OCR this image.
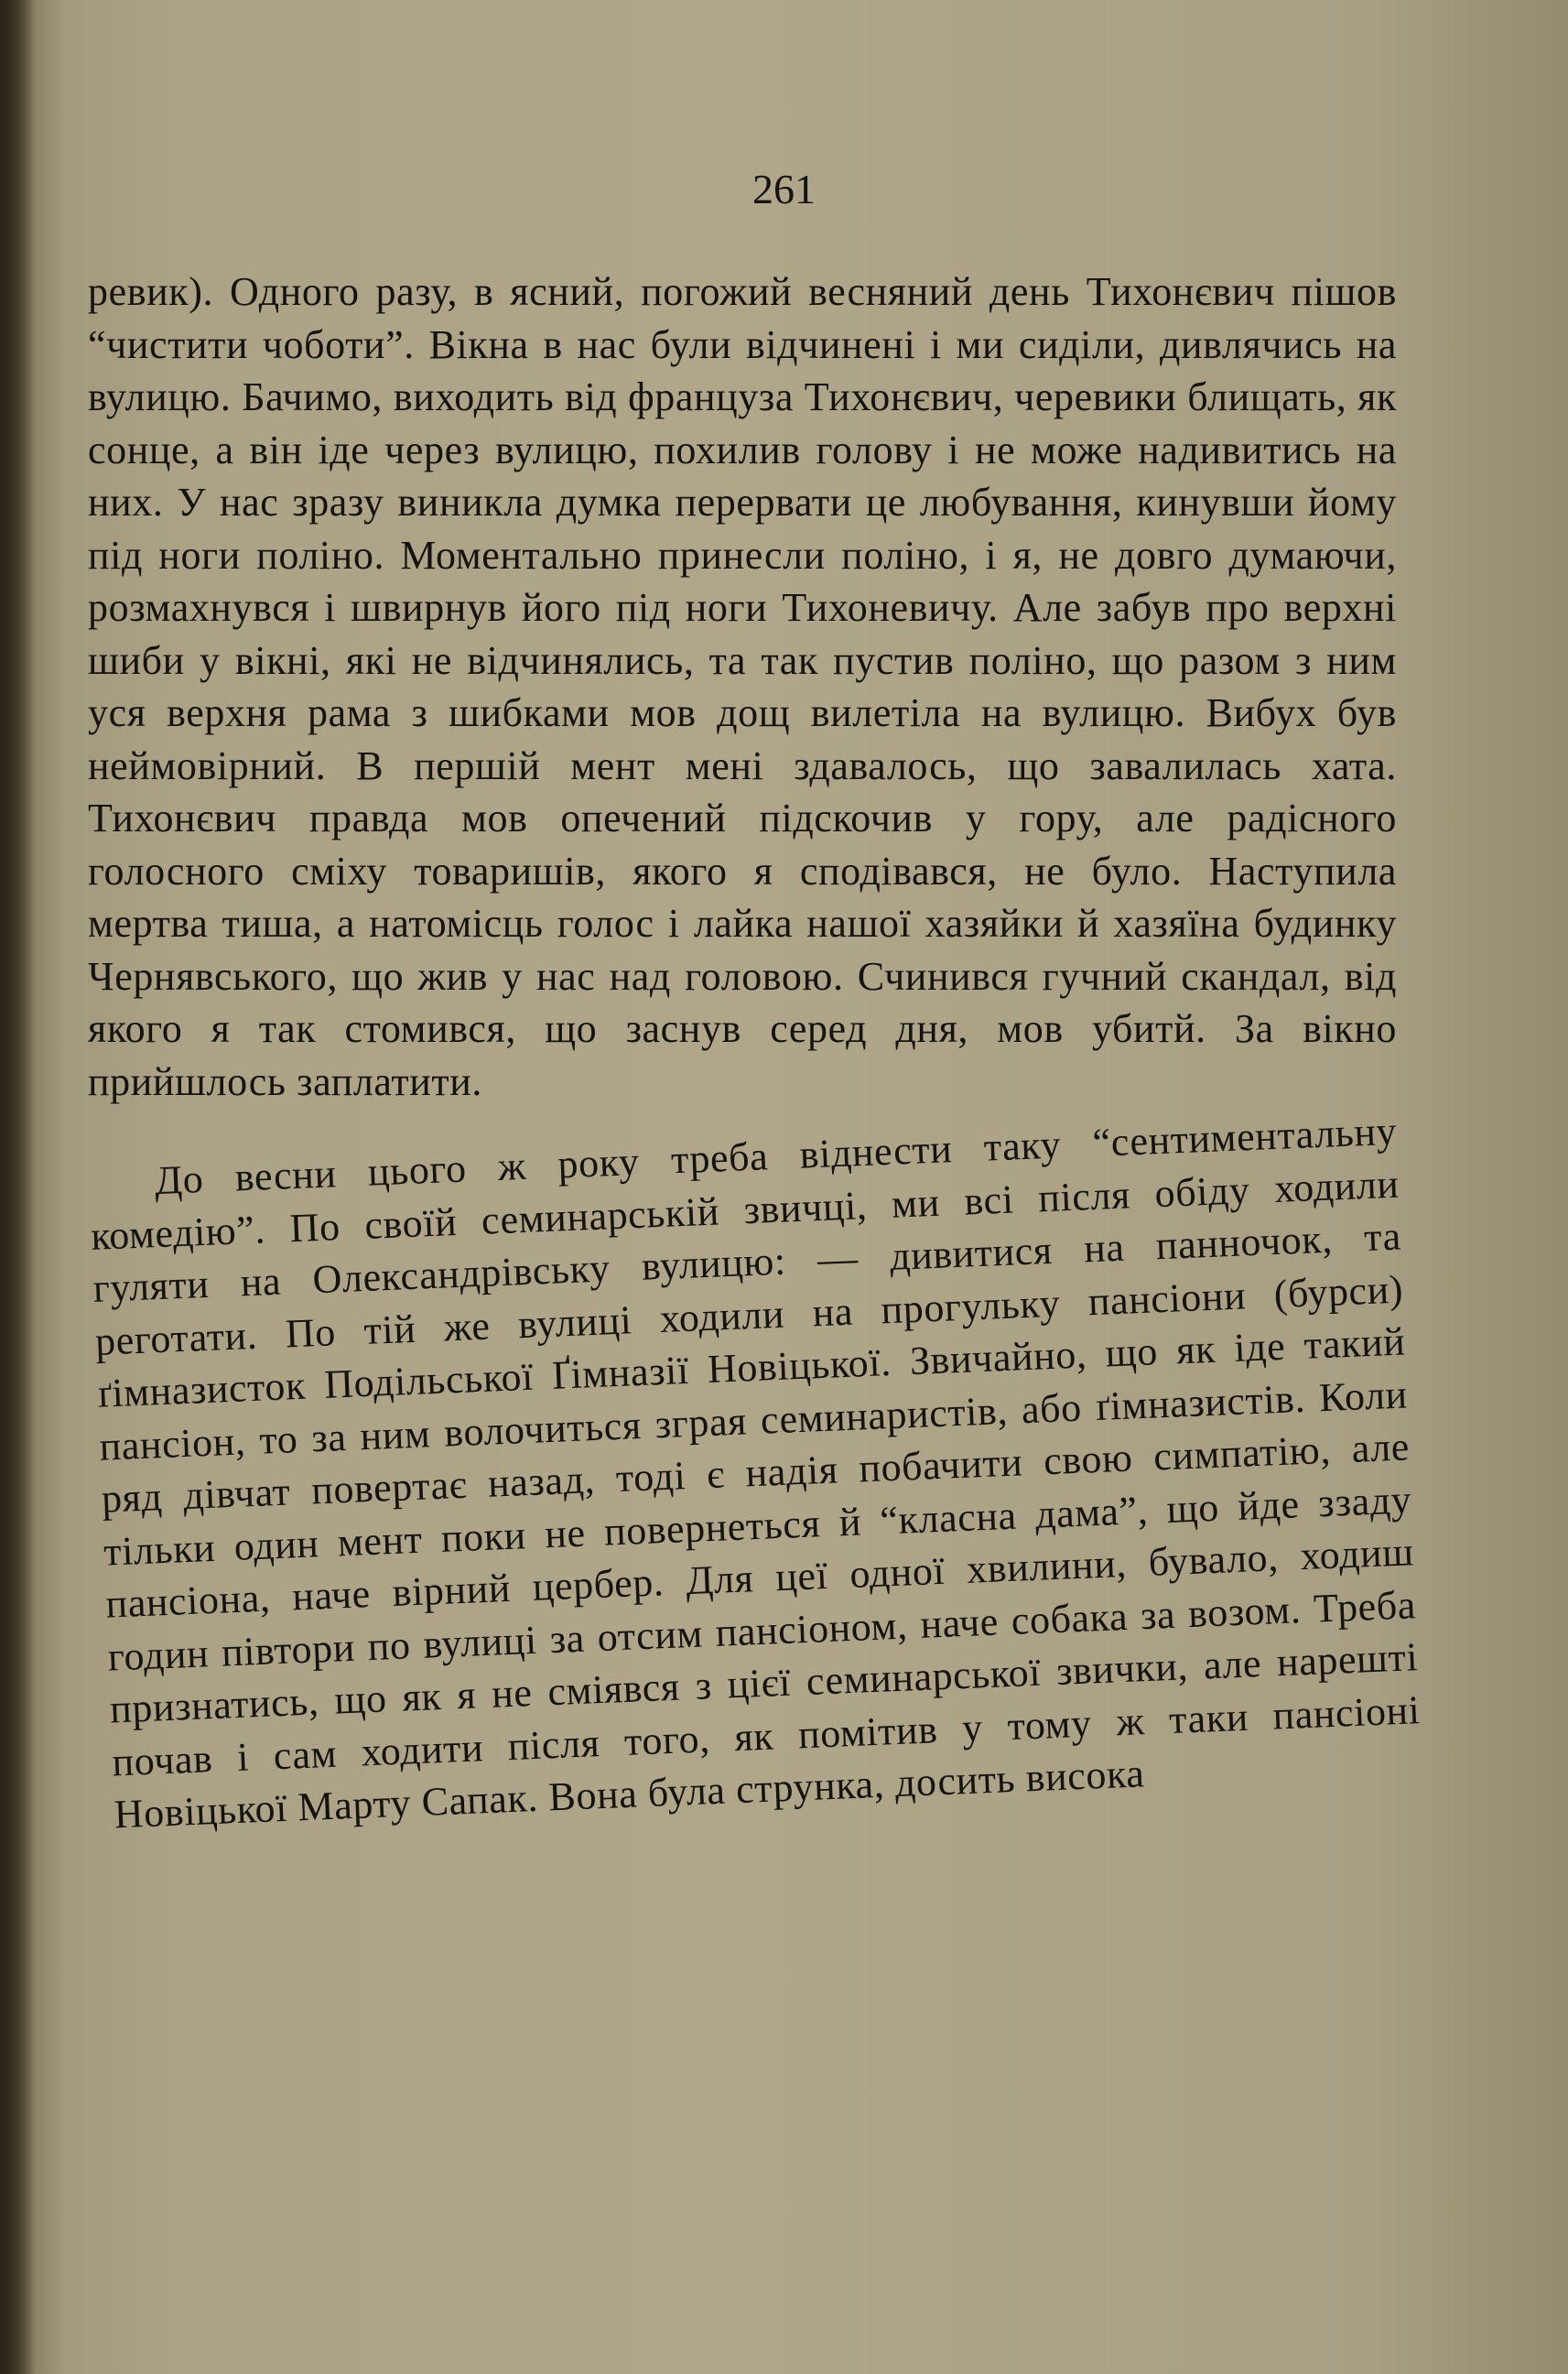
261

ревик). Одного разу, в ясний, погожий весняний день Тихонєвич пішов “чистити чоботи”. Вікна в нас були відчинені і ми сиділи, дивлячись на вулицю. Бачимо, виходить від француза Тихонєвич, черевики блищать, як сонце, а він іде через вулицю, похилив голову і не може надивитись на них. У нас зразу виникла думка перервати це любування, кинувши йому під ноги поліно. Моментально принесли поліно, і я, не довго думаючи, розмахнувся і швирнув його під ноги Тихоневичу. Але забув про верхні шиби у вікні, які не відчинялись, та так пустив поліно, що разом з ним уся верхня рама з шибками мов дощ вилетіла на вулицю. Вибух був неймовірний. В першій мент мені здавалось, що завалилась хата. Тихонєвич правда мов опечений підскочив у гору, але радісного голосного сміху товаришів, якого я сподівався, не було. Наступила мертва тиша, а натомісць голос і лайка нашої хазяйки й хазяїна будинку Чернявського, що жив у нас над головою. Счинився гучний скандал, від якого я так стомився, що заснув серед дня, мов убитй. За вікно прийшлось заплатити.

До весни цього ж року треба віднести таку “сентиментальну комедію”. По своїй семинарській звичці, ми всі після обіду ходили гуляти на Олександрівську вулицю: — дивитися на панночок, та реготати. По тій же вулиці ходили на прогульку пансіони (бурси) ґімназисток Подільської Ґімназії Новіцької. Звичайно, що як іде такий пансіон, то за ним волочиться зграя семинаристів, або ґімназистів. Коли ряд дівчат повертає назад, тоді є надія побачити свою симпатію, але тільки один мент поки не повернеться й “класна дама”, що йде ззаду пансіона, наче вірний цербер. Для цеї одної хвилини, бувало, ходиш годин півтори по вулиці за отсим пансіоном, наче собака за возом. Треба признатись, що як я не сміявся з цієї семинарської звички, але нарешті почав і сам ходити після того, як помітив у тому ж таки пансіоні Новіцької Марту Сапак. Вона була струнка, досить висока
